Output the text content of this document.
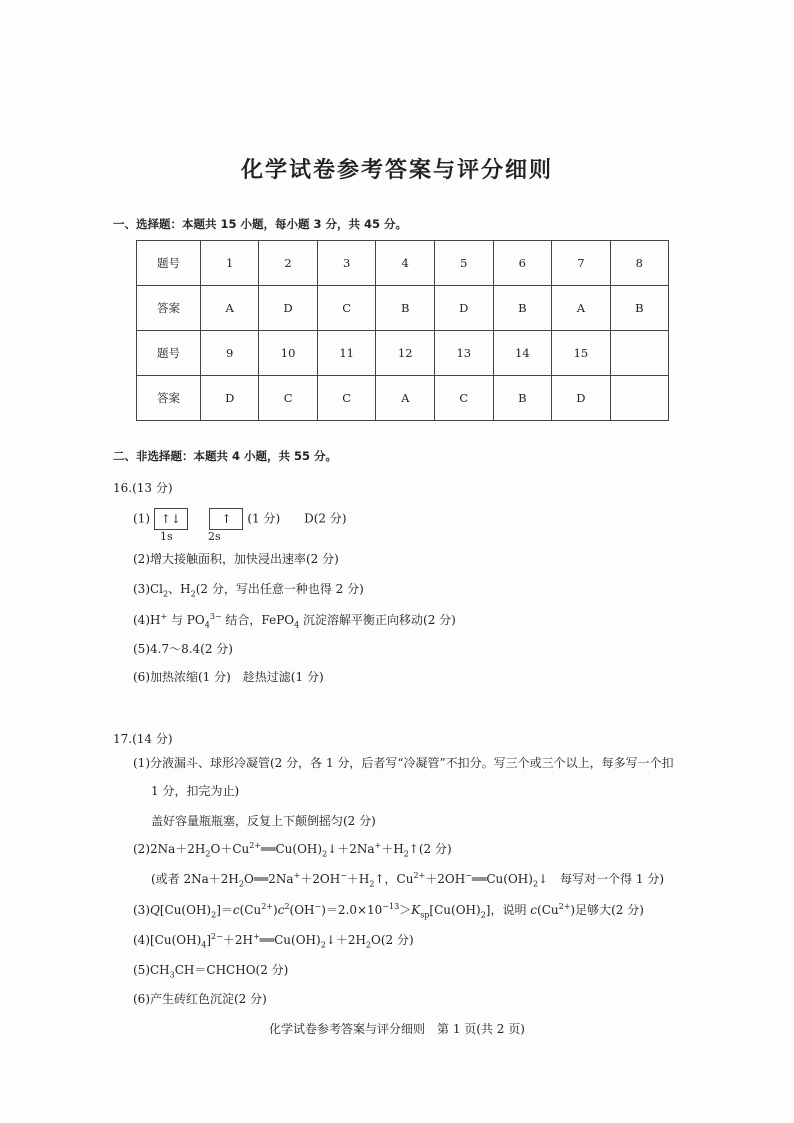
化学试卷参考答案与评分细则
一、选择题：本题共 15 小题，每小题 3 分，共 45 分。
题号	1	2	3	4	5	6	7	8
答案	A	D	C	B	D	B	A	B
题号	9	10	11	12	13	14	15	
答案	D	C	C	A	C	B	D	
二、非选择题：本题共 4 小题，共 55 分。
16.(13 分)
(1) ↑↓	↑ (1 分)　　D(2 分)
1s	2s
(2)增大接触面积，加快浸出速率(2 分)
$(3)Cl_2$、$H_2(2$ 分，写出任意一种也得 2 分)
(4)H+ 与 $PO_4^{3-}$ 结合，FePO$_4$ 沉淀溶解平衡正向移动(2 分)
(5)4.7～8.4(2 分)
(6)加热浓缩(1 分)　趁热过滤(1 分)
17.(14 分)
(1)分液漏斗、球形冷凝管(2 分，各 1 分，后者写“冷凝管”不扣分。写三个或三个以上，每多写一个扣
1 分，扣完为止)
盖好容量瓶瓶塞，反复上下颠倒摇匀(2 分)
$(2)2Na+2H_2O+Cu^{2+}══Cu(OH)_2↓+2Na^++H_2↑(2$ 分)
(或者 $2Na+2H_2O══2Na^++2OH^-+H_2↑$，$Cu^{2+}+2OH^-══Cu(OH)_2↓$　每写对一个得 1 分)
$(3)Q[Cu(OH)_2]=c(Cu^{2+})c^2(OH^-)=2.0\times 10^{-13}>K_{sp}[Cu(OH)_2]$，说明 $c(Cu^{2+})$足够大(2 分)
$(4)[Cu(OH)_4]^{2-}+2H^+══Cu(OH)_2↓+2H_2O(2$ 分)
$(5)CH_3CH=CHCHO(2$ 分)
(6)产生砖红色沉淀(2 分)
化学试卷参考答案与评分细则　第 1 页(共 2 页)
